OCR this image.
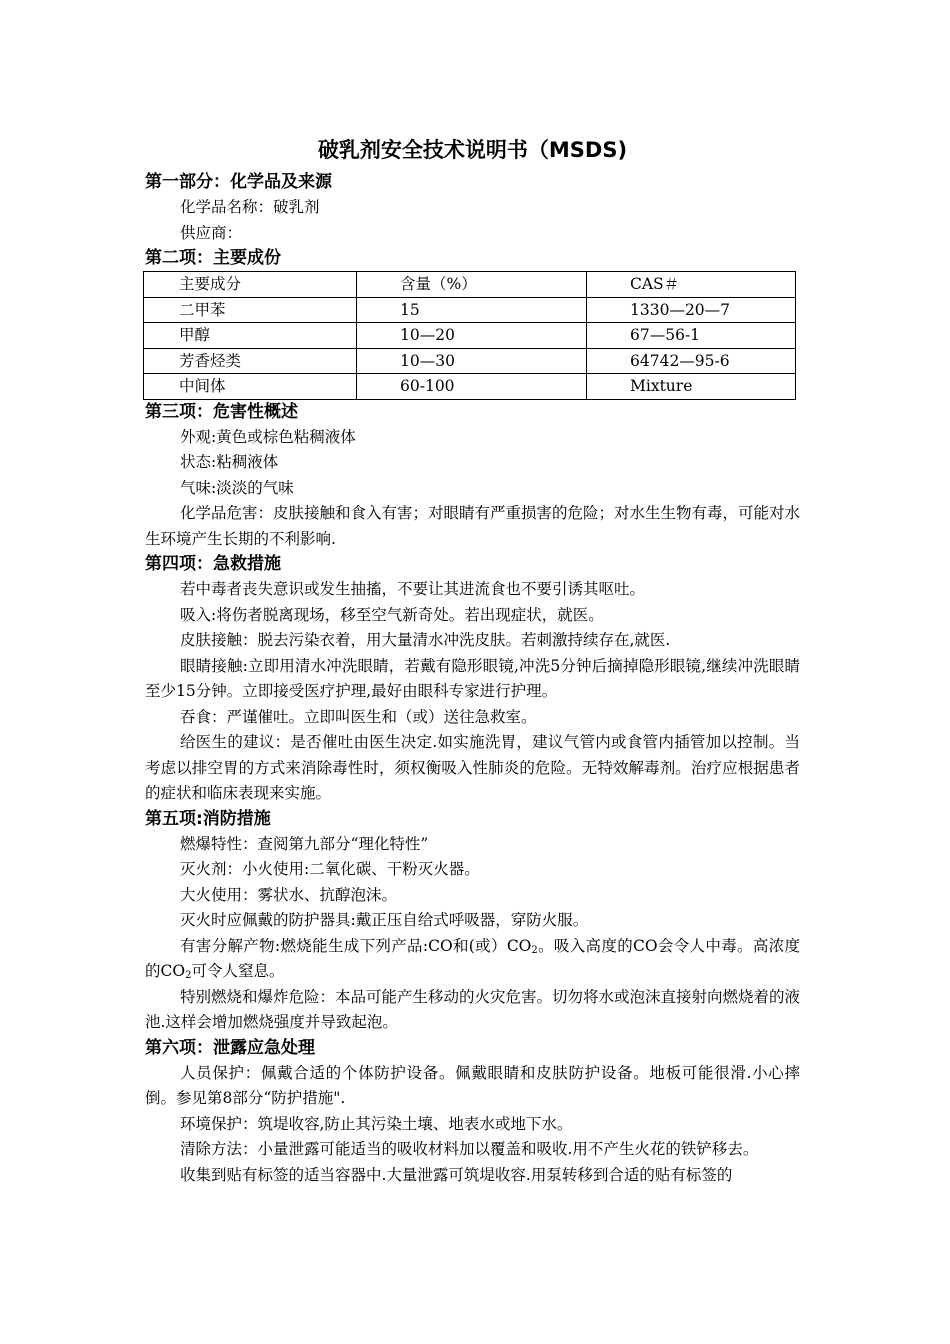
破乳剂安全技术说明书（MSDS)
第一部分：化学品及来源

化学品名称：破乳剂

供应商：

第二项：主要成份
主要成分	含量（%）	CAS＃
二甲苯	15	1330—20—7
甲醇	10—20	67—56-1
芳香烃类	10—30	64742—95-6
中间体	60-100	Mixture
第三项：危害性概述

外观:黄色或棕色粘稠液体

状态:粘稠液体

气味:淡淡的气味

化学品危害：皮肤接触和食入有害；对眼睛有严重损害的危险；对水生生物有毒，可能对水生环境产生长期的不利影响.

第四项：急救措施

若中毒者丧失意识或发生抽搐，不要让其进流食也不要引诱其呕吐。

吸入:将伤者脱离现场，移至空气新奇处。若出现症状，就医。

皮肤接触：脱去污染衣着，用大量清水冲洗皮肤。若刺激持续存在,就医.

眼睛接触:立即用清水冲洗眼睛，若戴有隐形眼镜,冲洗5分钟后摘掉隐形眼镜,继续冲洗眼睛至少15分钟。立即接受医疗护理,最好由眼科专家进行护理。

吞食：严谨催吐。立即叫医生和（或）送往急救室。

给医生的建议：是否催吐由医生决定.如实施洗胃，建议气管内或食管内插管加以控制。当考虑以排空胃的方式来消除毒性时，须权衡吸入性肺炎的危险。无特效解毒剂。治疗应根据患者的症状和临床表现来实施。

第五项:消防措施

燃爆特性：查阅第九部分“理化特性”

灭火剂：小火使用:二氧化碳、干粉灭火器。

大火使用：雾状水、抗醇泡沫。

灭火时应佩戴的防护器具:戴正压自给式呼吸器，穿防火服。

有害分解产物:燃烧能生成下列产品:CO和(或）$CO_2$。吸入高度的CO会令人中毒。高浓度的$CO_2$可令人窒息。

特别燃烧和爆炸危险：本品可能产生移动的火灾危害。切勿将水或泡沫直接射向燃烧着的液池.这样会增加燃烧强度并导致起泡。

第六项：泄露应急处理

人员保护：佩戴合适的个体防护设备。佩戴眼睛和皮肤防护设备。地板可能很滑.小心摔倒。参见第8部分“防护措施".

环境保护：筑堤收容,防止其污染土壤、地表水或地下水。

清除方法：小量泄露可能适当的吸收材料加以覆盖和吸收.用不产生火花的铁铲移去。

收集到贴有标签的适当容器中.大量泄露可筑堤收容.用泵转移到合适的贴有标签的
